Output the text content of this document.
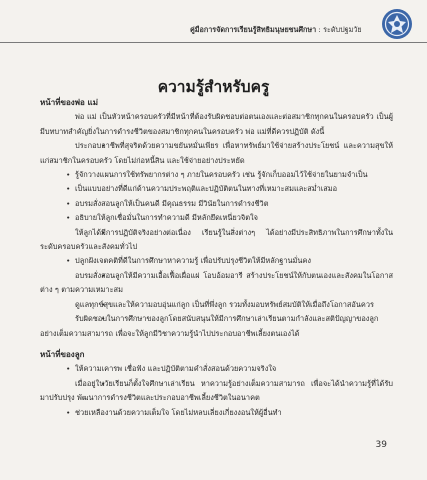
คู่มือการจัดการเรียนรู้สิทธิมนุษยชนศึกษา : ระดับปฐมวัย
ความรู้สำหรับครู

หน้าที่ของพ่อ แม่

พ่อ แม่ เป็นหัวหน้าครอบครัวที่มีหน้าที่ต้องรับผิดชอบต่อตนเองและต่อสมาชิกทุกคนในครอบครัว เป็นผู้มีบทบาทสำคัญยิ่งในการดำรงชีวิตของสมาชิกทุกคนในครอบครัว พ่อ แม่ที่ดีควรปฏิบัติ ดังนี้

• ประกอบอาชีพที่สุจริตด้วยความขยันหมั่นเพียร เพื่อหาทรัพย์มาใช้จ่ายสร้างประโยชน์ และความสุขให้แก่สมาชิกในครอบครัว โดยไม่ก่อหนี้สิน และใช้จ่ายอย่างประหยัด

• รู้จักวางแผนการใช้ทรัพยากรต่าง ๆ ภายในครอบครัว เช่น รู้จักเก็บออมไว้ใช้จ่ายในยามจำเป็น

• เป็นแบบอย่างที่ดีแก่ด้านความประพฤติและปฏิบัติตนในทางที่เหมาะสมและสม่ำเสมอ

• อบรมสั่งสอนลูกให้เป็นคนดี มีคุณธรรม มีวินัยในการดำรงชีวิต

• อธิบายให้ลูกเชื่อมั่นในการทำความดี มีหลักยึดเหนี่ยวจิตใจ

• ให้ลูกได้มีการปฏิบัติจริงอย่างต่อเนื่อง เรียนรู้ในสิ่งต่างๆ ได้อย่างมีประสิทธิภาพในการศึกษาทั้งในระดับครอบครัวและสังคมทั่วไป

• ปลูกฝังเจตคติที่ดีในการศึกษาหาความรู้ เพื่อปรับปรุงชีวิตให้มีหลักฐานมั่นคง

• อบรมสั่งสอนลูกให้มีความเอื้อเฟื้อเผื่อแผ่ โอบอ้อมอารี สร้างประโยชน์ให้กับตนเองและสังคมในโอกาสต่าง ๆ ตามความเหมาะสม

• ดูแลทุกข์สุขและให้ความอบอุ่นแก่ลูก เป็นที่พึ่งลูก รวมทั้งมอบทรัพย์สมบัติให้เมื่อถึงโอกาสอันควร

• รับผิดชอบในการศึกษาของลูกโดยสนับสนุนให้มีการศึกษาเล่าเรียนตามกำลังและสติปัญญาของลูกอย่างเต็มความสามารถ เพื่อจะให้ลูกมีวิชาความรู้นำไปประกอบอาชีพเลี้ยงตนเองได้

หน้าที่ของลูก

• ให้ความเคารพ เชื่อฟัง และปฏิบัติตามคำสั่งสอนด้วยความจริงใจ

• เมื่ออยู่ในวัยเรียนก็ตั้งใจศึกษาเล่าเรียน หาความรู้อย่างเต็มความสามารถ เพื่อจะได้นำความรู้ที่ได้รับมาปรับปรุง พัฒนาการดำรงชีวิตและประกอบอาชีพเลี้ยงชีวิตในอนาคต

• ช่วยเหลืองานด้วยความเต็มใจ โดยไม่หลบเลี่ยงเกี่ยงงอนให้ผู้อื่นทำ

39
